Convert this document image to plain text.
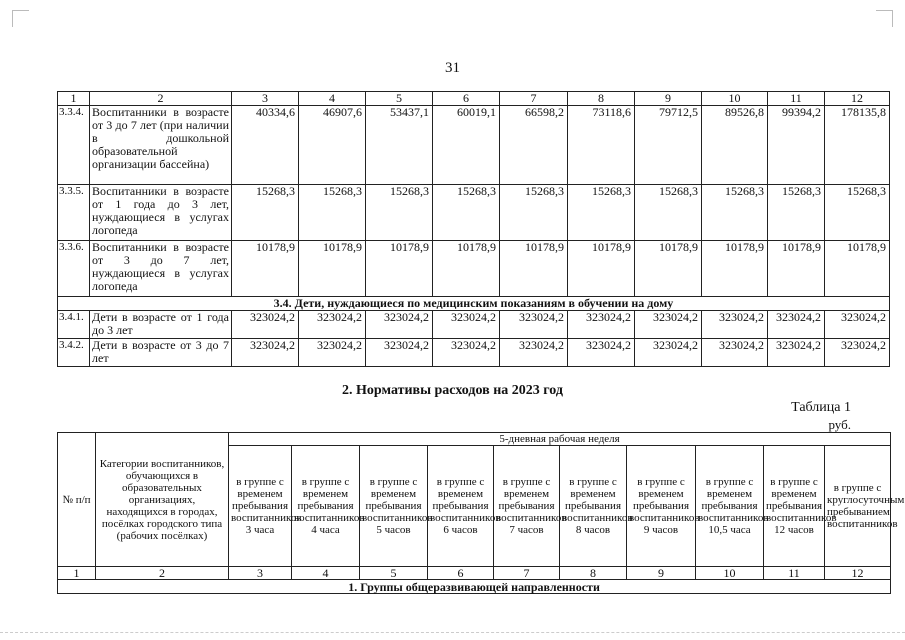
31
1	2	3	4	5	6	7	8	9	10	11	12
3.3.4.	Воспитанники в возрасте от 3 до 7 лет (при наличии в дошкольной образовательной организации бассейна)	40334,6	46907,6	53437,1	60019,1	66598,2	73118,6	79712,5	89526,8	99394,2	178135,8
3.3.5.	Воспитанники в возрасте от 1 года до 3 лет, нуждающиеся в услугах логопеда	15268,3	15268,3	15268,3	15268,3	15268,3	15268,3	15268,3	15268,3	15268,3	15268,3
3.3.6.	Воспитанники в возрасте от 3 до 7 лет, нуждающиеся в услугах логопеда	10178,9	10178,9	10178,9	10178,9	10178,9	10178,9	10178,9	10178,9	10178,9	10178,9
3.4. Дети, нуждающиеся по медицинским показаниям в обучении на дому											
3.4.1.	Дети в возрасте от 1 года до 3 лет	323024,2	323024,2	323024,2	323024,2	323024,2	323024,2	323024,2	323024,2	323024,2	323024,2
3.4.2.	Дети в возрасте от 3 до 7 лет	323024,2	323024,2	323024,2	323024,2	323024,2	323024,2	323024,2	323024,2	323024,2	323024,2
2. Нормативы расходов на 2023 год
Таблица 1
руб.
№ п/п	Категории воспитанников, обучающихся в образовательных организациях, находящихся в городах, посёлках городского типа (рабочих посёлках)	5-дневная рабочая неделя									
		в группе с временем пребывания воспитанников 3 часа	в группе с временем пребывания воспитанников 4 часа	в группе с временем пребывания воспитанников 5 часов	в группе с временем пребывания воспитанников 6 часов	в группе с временем пребывания воспитанников 7 часов	в группе с временем пребывания воспитанников 8 часов	в группе с временем пребывания воспитанников 9 часов	в группе с временем пребывания воспитанников 10,5 часа	в группе с временем пребывания воспитанников 12 часов	в группе с круглосуточным пребыванием воспитанников
1	2	3	4	5	6	7	8	9	10	11	12
1. Группы общеразвивающей направленности											
